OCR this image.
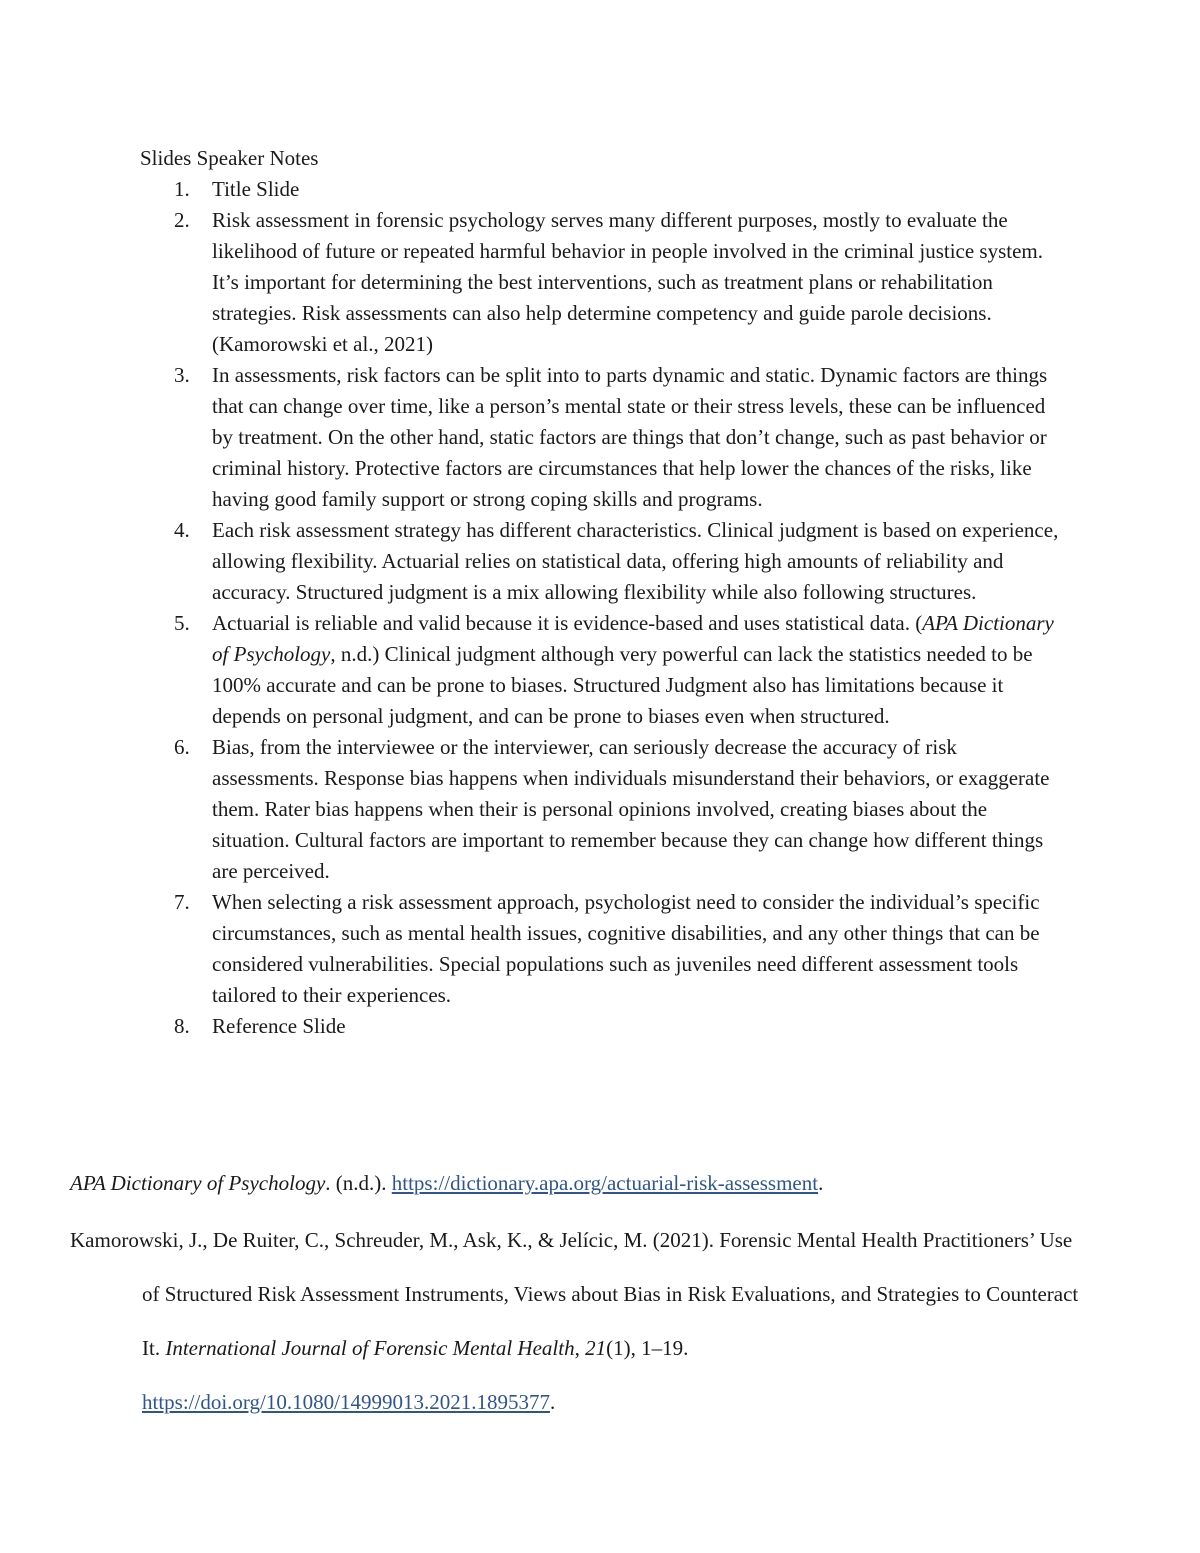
Slides Speaker Notes
1. Title Slide
2. Risk assessment in forensic psychology serves many different purposes, mostly to evaluate the likelihood of future or repeated harmful behavior in people involved in the criminal justice system. It’s important for determining the best interventions, such as treatment plans or rehabilitation strategies. Risk assessments can also help determine competency and guide parole decisions. (Kamorowski et al., 2021)
3. In assessments, risk factors can be split into to parts dynamic and static. Dynamic factors are things that can change over time, like a person’s mental state or their stress levels, these can be influenced by treatment. On the other hand, static factors are things that don’t change, such as past behavior or criminal history. Protective factors are circumstances that help lower the chances of the risks, like having good family support or strong coping skills and programs.
4. Each risk assessment strategy has different characteristics. Clinical judgment is based on experience, allowing flexibility. Actuarial relies on statistical data, offering high amounts of reliability and accuracy. Structured judgment is a mix allowing flexibility while also following structures.
5. Actuarial is reliable and valid because it is evidence-based and uses statistical data. (APA Dictionary of Psychology, n.d.) Clinical judgment although very powerful can lack the statistics needed to be 100% accurate and can be prone to biases. Structured Judgment also has limitations because it depends on personal judgment, and can be prone to biases even when structured.
6. Bias, from the interviewee or the interviewer, can seriously decrease the accuracy of risk assessments. Response bias happens when individuals misunderstand their behaviors, or exaggerate them. Rater bias happens when their is personal opinions involved, creating biases about the situation. Cultural factors are important to remember because they can change how different things are perceived.
7. When selecting a risk assessment approach, psychologist need to consider the individual’s specific circumstances, such as mental health issues, cognitive disabilities, and any other things that can be considered vulnerabilities. Special populations such as juveniles need different assessment tools tailored to their experiences.
8. Reference Slide

APA Dictionary of Psychology. (n.d.). https://dictionary.apa.org/actuarial-risk-assessment.

Kamorowski, J., De Ruiter, C., Schreuder, M., Ask, K., & Jelícic, M. (2021). Forensic Mental Health Practitioners’ Use of Structured Risk Assessment Instruments, Views about Bias in Risk Evaluations, and Strategies to Counteract It. International Journal of Forensic Mental Health, 21(1), 1–19. https://doi.org/10.1080/14999013.2021.1895377.
